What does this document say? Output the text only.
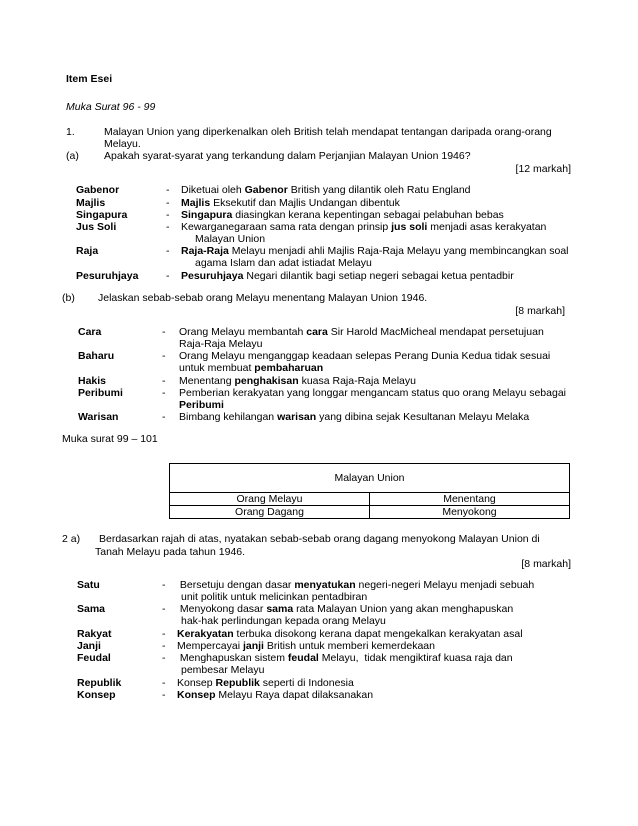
Item Esei
Muka Surat 96 - 99
1.	Malayan Union yang diperkenalkan oleh British telah mendapat tentangan daripada orang-orang
Melayu.
(a) Apakah syarat-syarat yang terkandung dalam Perjanjian Malayan Union 1946?
[12 markah]
Gabenor	-	Diketuai oleh Gabenor British yang dilantik oleh Ratu England
Majlis	-	Majlis Eksekutif dan Majlis Undangan dibentuk
Singapura	-	Singapura diasingkan kerana kepentingan sebagai pelabuhan bebas
Jus Soli	-	Kewarganegaraan sama rata dengan prinsip jus soli menjadi asas kerakyatan
Malayan Union
Raja	-	Raja-Raja Melayu menjadi ahli Majlis Raja-Raja Melayu yang membincangkan soal
agama Islam dan adat istiadat Melayu
Pesuruhjaya	-	Pesuruhjaya Negari dilantik bagi setiap negeri sebagai ketua pentadbir
(b) Jelaskan sebab-sebab orang Melayu menentang Malayan Union 1946.
[8 markah]
Cara	-	Orang Melayu membantah cara Sir Harold MacMicheal mendapat persetujuan
Raja-Raja Melayu
Baharu	-	Orang Melayu menganggap keadaan selepas Perang Dunia Kedua tidak sesuai
untuk membuat pembaharuan
Hakis	-	Menentang penghakisan kuasa Raja-Raja Melayu
Peribumi	-	Pemberian kerakyatan yang longgar mengancam status quo orang Melayu sebagai
Peribumi
Warisan	-	Bimbang kehilangan warisan yang dibina sejak Kesultanan Melayu Melaka
Muka surat 99 – 101
Malayan Union	
Orang Melayu	Menentang
Orang Dagang	Menyokong
2 a) Berdasarkan rajah di atas, nyatakan sebab-sebab orang dagang menyokong Malayan Union di
Tanah Melayu pada tahun 1946.
[8 markah]
Satu	-	Bersetuju dengan dasar menyatukan negeri-negeri Melayu menjadi sebuah
unit politik untuk melicinkan pentadbiran
Sama	-	Menyokong dasar sama rata Malayan Union yang akan menghapuskan
hak-hak perlindungan kepada orang Melayu
Rakyat	-	Kerakyatan terbuka disokong kerana dapat mengekalkan kerakyatan asal
Janji	-	Mempercayai janji British untuk memberi kemerdekaan
Feudal	-	Menghapuskan sistem feudal Melayu,  tidak mengiktiraf kuasa raja dan
pembesar Melayu
Republik	-	Konsep Republik seperti di Indonesia
Konsep	-	Konsep Melayu Raya dapat dilaksanakan
